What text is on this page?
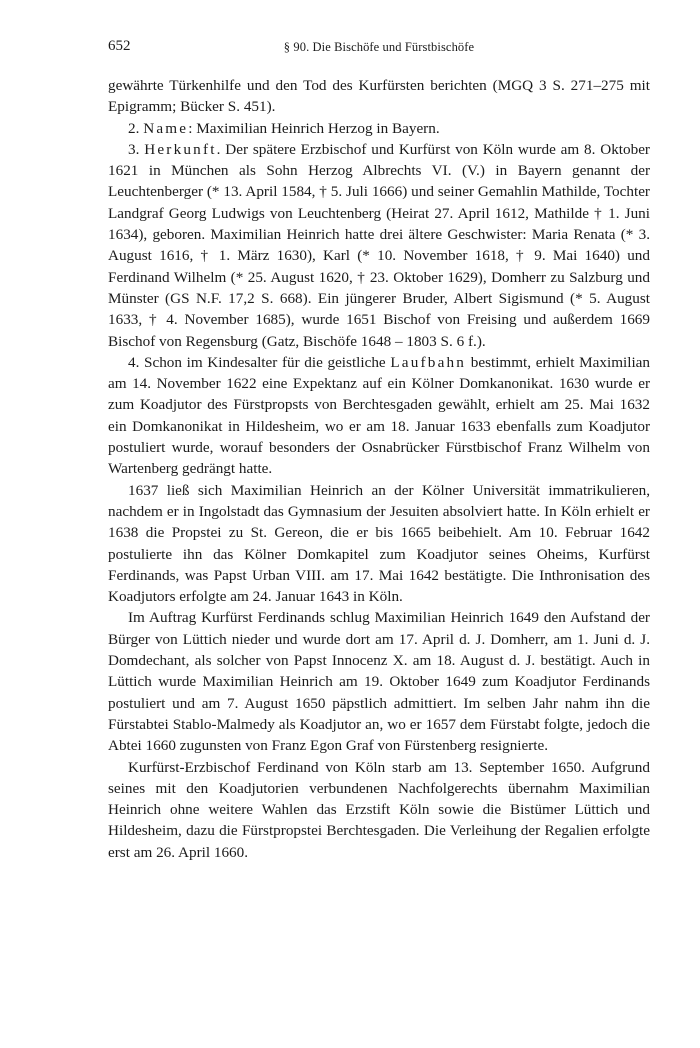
652	§ 90. Die Bischöfe und Fürstbischöfe

gewährte Türkenhilfe und den Tod des Kurfürsten berichten (MGQ 3 S. 271–275 mit Epigramm; Bücker S. 451).

2. Name: Maximilian Heinrich Herzog in Bayern.

3. Herkunft. Der spätere Erzbischof und Kurfürst von Köln wurde am 8. Oktober 1621 in München als Sohn Herzog Albrechts VI. (V.) in Bayern genannt der Leuchtenberger (* 13. April 1584, † 5. Juli 1666) und seiner Gemahlin Mathilde, Tochter Landgraf Georg Ludwigs von Leuchtenberg (Heirat 27. April 1612, Mathilde † 1. Juni 1634), geboren. Maximilian Heinrich hatte drei ältere Geschwister: Maria Renata (* 3. August 1616, † 1. März 1630), Karl (* 10. November 1618, † 9. Mai 1640) und Ferdinand Wilhelm (* 25. August 1620, † 23. Oktober 1629), Domherr zu Salzburg und Münster (GS N.F. 17,2 S. 668). Ein jüngerer Bruder, Albert Sigismund (* 5. August 1633, † 4. November 1685), wurde 1651 Bischof von Freising und außerdem 1669 Bischof von Regensburg (Gatz, Bischöfe 1648 – 1803 S. 6 f.).

4. Schon im Kindesalter für die geistliche Laufbahn bestimmt, erhielt Maximilian am 14. November 1622 eine Expektanz auf ein Kölner Domkanonikat. 1630 wurde er zum Koadjutor des Fürstpropsts von Berchtesgaden gewählt, erhielt am 25. Mai 1632 ein Domkanonikat in Hildesheim, wo er am 18. Januar 1633 ebenfalls zum Koadjutor postuliert wurde, worauf besonders der Osnabrücker Fürstbischof Franz Wilhelm von Wartenberg gedrängt hatte.

1637 ließ sich Maximilian Heinrich an der Kölner Universität immatrikulieren, nachdem er in Ingolstadt das Gymnasium der Jesuiten absolviert hatte. In Köln erhielt er 1638 die Propstei zu St. Gereon, die er bis 1665 beibehielt. Am 10. Februar 1642 postulierte ihn das Kölner Domkapitel zum Koadjutor seines Oheims, Kurfürst Ferdinands, was Papst Urban VIII. am 17. Mai 1642 bestätigte. Die Inthronisation des Koadjutors erfolgte am 24. Januar 1643 in Köln.

Im Auftrag Kurfürst Ferdinands schlug Maximilian Heinrich 1649 den Aufstand der Bürger von Lüttich nieder und wurde dort am 17. April d. J. Domherr, am 1. Juni d. J. Domdechant, als solcher von Papst Innocenz X. am 18. August d. J. bestätigt. Auch in Lüttich wurde Maximilian Heinrich am 19. Oktober 1649 zum Koadjutor Ferdinands postuliert und am 7. August 1650 päpstlich admittiert. Im selben Jahr nahm ihn die Fürstabtei Stablo-Malmedy als Koadjutor an, wo er 1657 dem Fürstabt folgte, jedoch die Abtei 1660 zugunsten von Franz Egon Graf von Fürstenberg resignierte.

Kurfürst-Erzbischof Ferdinand von Köln starb am 13. September 1650. Aufgrund seines mit den Koadjutorien verbundenen Nachfolgerechts übernahm Maximilian Heinrich ohne weitere Wahlen das Erzstift Köln sowie die Bistümer Lüttich und Hildesheim, dazu die Fürstpropstei Berchtesgaden. Die Verleihung der Regalien erfolgte erst am 26. April 1660.
